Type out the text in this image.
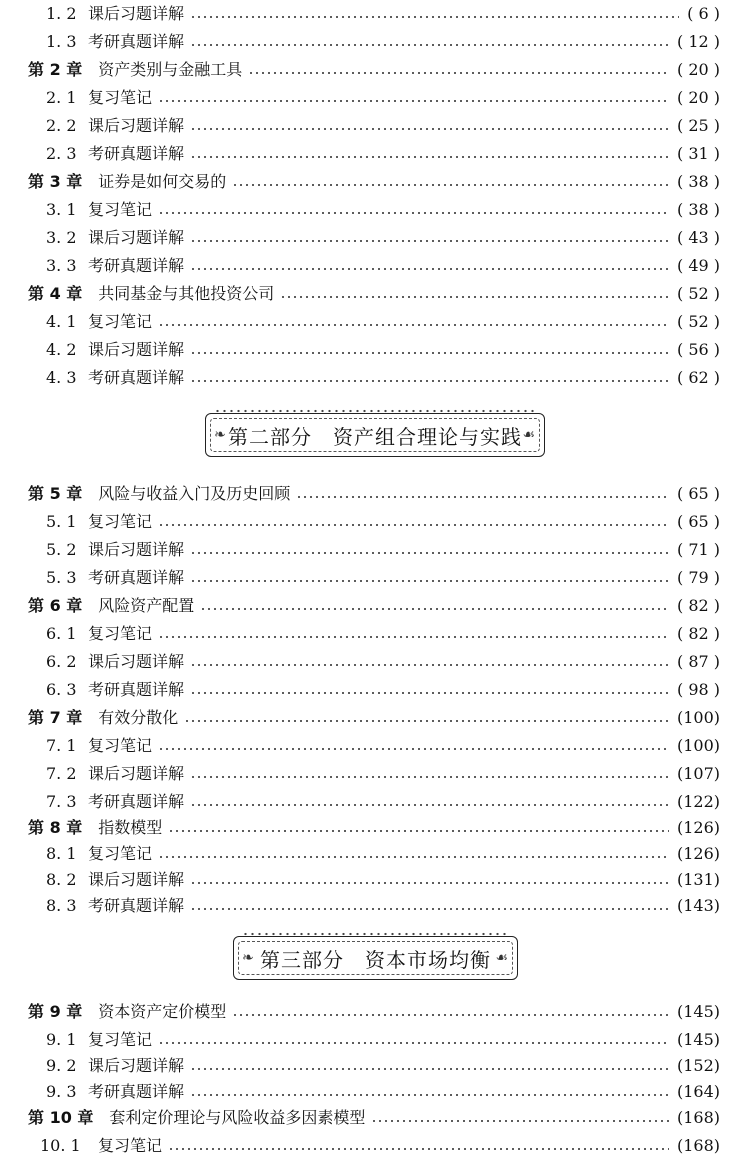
1. 2 课后习题详解	( 6 )
1. 3 考研真题详解	( 12 )
第 2 章 资产类别与金融工具	( 20 )
2. 1 复习笔记	( 20 )
2. 2 课后习题详解	( 25 )
2. 3 考研真题详解	( 31 )
第 3 章 证券是如何交易的	( 38 )
3. 1 复习笔记	( 38 )
3. 2 课后习题详解	( 43 )
3. 3 考研真题详解	( 49 )
第 4 章 共同基金与其他投资公司	( 52 )
4. 1 复习笔记	( 52 )
4. 2 课后习题详解	( 56 )
4. 3 考研真题详解	( 62 )
❧ 第二部分　资产组合理论与实践 ☙
第 5 章 风险与收益入门及历史回顾	( 65 )
5. 1 复习笔记	( 65 )
5. 2 课后习题详解	( 71 )
5. 3 考研真题详解	( 79 )
第 6 章 风险资产配置	( 82 )
6. 1 复习笔记	( 82 )
6. 2 课后习题详解	( 87 )
6. 3 考研真题详解	( 98 )
第 7 章 有效分散化	(100)
7. 1 复习笔记	(100)
7. 2 课后习题详解	(107)
7. 3 考研真题详解	(122)
第 8 章 指数模型	(126)
8. 1 复习笔记	(126)
8. 2 课后习题详解	(131)
8. 3 考研真题详解	(143)
❧ 第三部分　资本市场均衡 ☙
第 9 章 资本资产定价模型	(145)
9. 1 复习笔记	(145)
9. 2 课后习题详解	(152)
9. 3 考研真题详解	(164)
第 10 章 套利定价理论与风险收益多因素模型	(168)
10. 1	复习笔记	(168)
